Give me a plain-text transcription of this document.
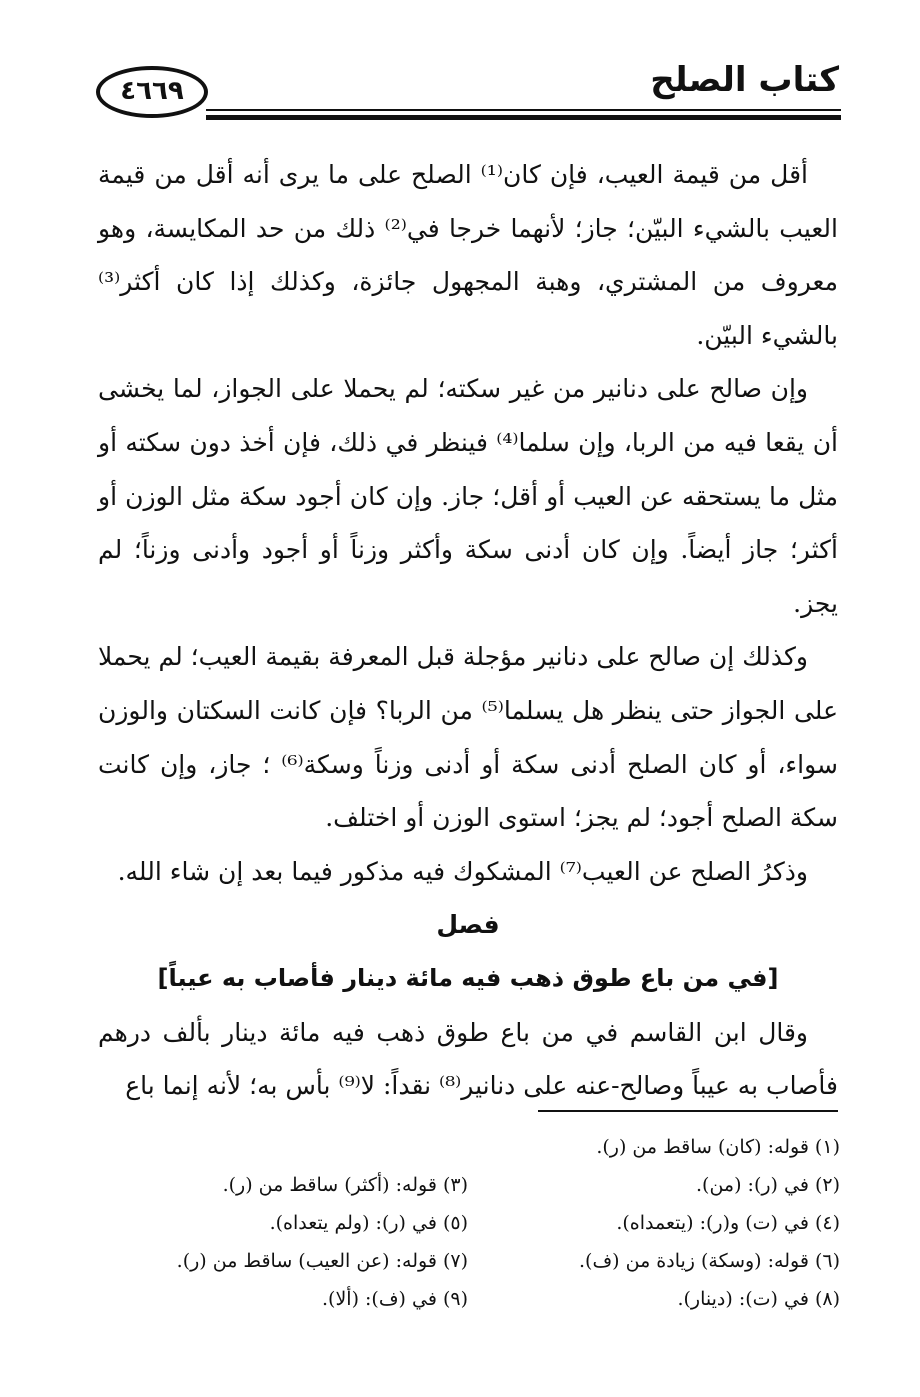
٤٦٦٩	كتاب الصلح

أقل من قيمة العيب، فإن كان⁽¹⁾ الصلح على ما يرى أنه أقل من قيمة العيب بالشيء البيّن؛ جاز؛ لأنهما خرجا في⁽²⁾ ذلك من حد المكايسة، وهو معروف من المشتري، وهبة المجهول جائزة، وكذلك إذا كان أكثر⁽³⁾ بالشيء البيّن.

وإن صالح على دنانير من غير سكته؛ لم يحملا على الجواز، لما يخشى أن يقعا فيه من الربا، وإن سلما⁽⁴⁾ فينظر في ذلك، فإن أخذ دون سكته أو مثل ما يستحقه عن العيب أو أقل؛ جاز. وإن كان أجود سكة مثل الوزن أو أكثر؛ جاز أيضاً. وإن كان أدنى سكة وأكثر وزناً أو أجود وأدنى وزناً؛ لم يجز.

وكذلك إن صالح على دنانير مؤجلة قبل المعرفة بقيمة العيب؛ لم يحملا على الجواز حتى ينظر هل يسلما⁽⁵⁾ من الربا؟ فإن كانت السكتان والوزن سواء، أو كان الصلح أدنى سكة أو أدنى وزناً وسكة⁽⁶⁾ ؛ جاز، وإن كانت سكة الصلح أجود؛ لم يجز؛ استوى الوزن أو اختلف.

وذكرُ الصلح عن العيب⁽⁷⁾ المشكوك فيه مذكور فيما بعد إن شاء الله.

فصل

[في من باع طوق ذهب فيه مائة دينار فأصاب به عيباً]

وقال ابن القاسم في من باع طوق ذهب فيه مائة دينار بألف درهم فأصاب به عيباً وصالح-عنه على دنانير⁽⁸⁾ نقداً: لا⁽⁹⁾ بأس به؛ لأنه إنما باع

(١) قوله: (كان) ساقط من (ر).
(٢) في (ر): (من).
(٣) قوله: (أكثر) ساقط من (ر).
(٤) في (ت) و(ر): (يتعمداه).
(٥) في (ر): (ولم يتعداه).
(٦) قوله: (وسكة) زيادة من (ف).
(٧) قوله: (عن العيب) ساقط من (ر).
(٨) في (ت): (دينار).
(٩) في (ف): (ألا).
